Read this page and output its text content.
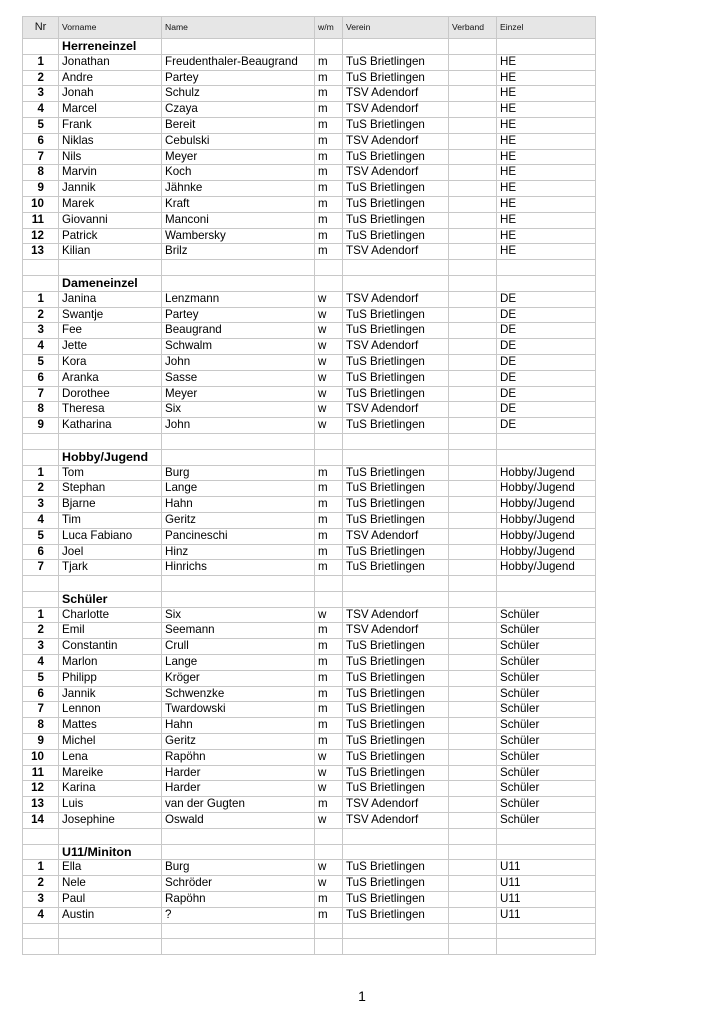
Nr	Vorname	Name	w/m	Verein	Verband	Einzel
	Herreneinzel					
1	Jonathan	Freudenthaler-Beaugrand	m	TuS Brietlingen		HE
2	Andre	Partey	m	TuS Brietlingen		HE
3	Jonah	Schulz	m	TSV Adendorf		HE
4	Marcel	Czaya	m	TSV Adendorf		HE
5	Frank	Bereit	m	TuS Brietlingen		HE
6	Niklas	Cebulski	m	TSV Adendorf		HE
7	Nils	Meyer	m	TuS Brietlingen		HE
8	Marvin	Koch	m	TSV Adendorf		HE
9	Jannik	Jähnke	m	TuS Brietlingen		HE
10	Marek	Kraft	m	TuS Brietlingen		HE
11	Giovanni	Manconi	m	TuS Brietlingen		HE
12	Patrick	Wambersky	m	TuS Brietlingen		HE
13	Kilian	Brilz	m	TSV Adendorf		HE

	Dameneinzel					
1	Janina	Lenzmann	w	TSV Adendorf		DE
2	Swantje	Partey	w	TuS Brietlingen		DE
3	Fee	Beaugrand	w	TuS Brietlingen		DE
4	Jette	Schwalm	w	TSV Adendorf		DE
5	Kora	John	w	TuS Brietlingen		DE
6	Aranka	Sasse	w	TuS Brietlingen		DE
7	Dorothee	Meyer	w	TuS Brietlingen		DE
8	Theresa	Six	w	TSV Adendorf		DE
9	Katharina	John	w	TuS Brietlingen		DE

	Hobby/Jugend					
1	Tom	Burg	m	TuS Brietlingen		Hobby/Jugend
2	Stephan	Lange	m	TuS Brietlingen		Hobby/Jugend
3	Bjarne	Hahn	m	TuS Brietlingen		Hobby/Jugend
4	Tim	Geritz	m	TuS Brietlingen		Hobby/Jugend
5	Luca Fabiano	Pancineschi	m	TSV Adendorf		Hobby/Jugend
6	Joel	Hinz	m	TuS Brietlingen		Hobby/Jugend
7	Tjark	Hinrichs	m	TuS Brietlingen		Hobby/Jugend

	Schüler					
1	Charlotte	Six	w	TSV Adendorf		Schüler
2	Emil	Seemann	m	TSV Adendorf		Schüler
3	Constantin	Crull	m	TuS Brietlingen		Schüler
4	Marlon	Lange	m	TuS Brietlingen		Schüler
5	Philipp	Kröger	m	TuS Brietlingen		Schüler
6	Jannik	Schwenzke	m	TuS Brietlingen		Schüler
7	Lennon	Twardowski	m	TuS Brietlingen		Schüler
8	Mattes	Hahn	m	TuS Brietlingen		Schüler
9	Michel	Geritz	m	TuS Brietlingen		Schüler
10	Lena	Rapöhn	w	TuS Brietlingen		Schüler
11	Mareike	Harder	w	TuS Brietlingen		Schüler
12	Karina	Harder	w	TuS Brietlingen		Schüler
13	Luis	van der Gugten	m	TSV Adendorf		Schüler
14	Josephine	Oswald	w	TSV Adendorf		Schüler

	U11/Miniton					
1	Ella	Burg	w	TuS Brietlingen		U11
2	Nele	Schröder	w	TuS Brietlingen		U11
3	Paul	Rapöhn	m	TuS Brietlingen		U11
4	Austin	?	m	TuS Brietlingen		U11

1
